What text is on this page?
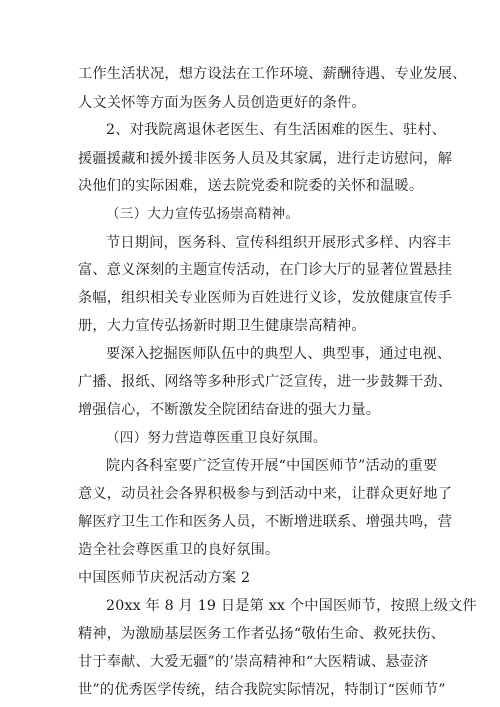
工作生活状况，想方设法在工作环境、薪酬待遇、专业发展、
人文关怀等方面为医务人员创造更好的条件。
2、对我院离退休老医生、有生活困难的医生、驻村、
援疆援藏和援外援非医务人员及其家属，进行走访慰问，解
决他们的实际困难，送去院党委和院委的关怀和温暖。
（三）大力宣传弘扬崇高精神。
节日期间，医务科、宣传科组织开展形式多样、内容丰
富、意义深刻的主题宣传活动，在门诊大厅的显著位置悬挂
条幅，组织相关专业医师为百姓进行义诊，发放健康宣传手
册，大力宣传弘扬新时期卫生健康崇高精神。
要深入挖掘医师队伍中的典型人、典型事，通过电视、
广播、报纸、网络等多种形式广泛宣传，进一步鼓舞干劲、
增强信心，不断激发全院团结奋进的强大力量。
（四）努力营造尊医重卫良好氛围。
院内各科室要广泛宣传开展“中国医师节”活动的重要
意义，动员社会各界积极参与到活动中来，让群众更好地了
解医疗卫生工作和医务人员，不断增进联系、增强共鸣，营
造全社会尊医重卫的良好氛围。
中国医师节庆祝活动方案 2
20xx 年 8 月 19 日是第 xx 个中国医师节，按照上级文件
精神，为激励基层医务工作者弘扬“敬佑生命、救死扶伤、
甘于奉献、大爱无疆”的’崇高精神和“大医精诚、悬壶济
世”的优秀医学传统，结合我院实际情况，特制订“医师节”
